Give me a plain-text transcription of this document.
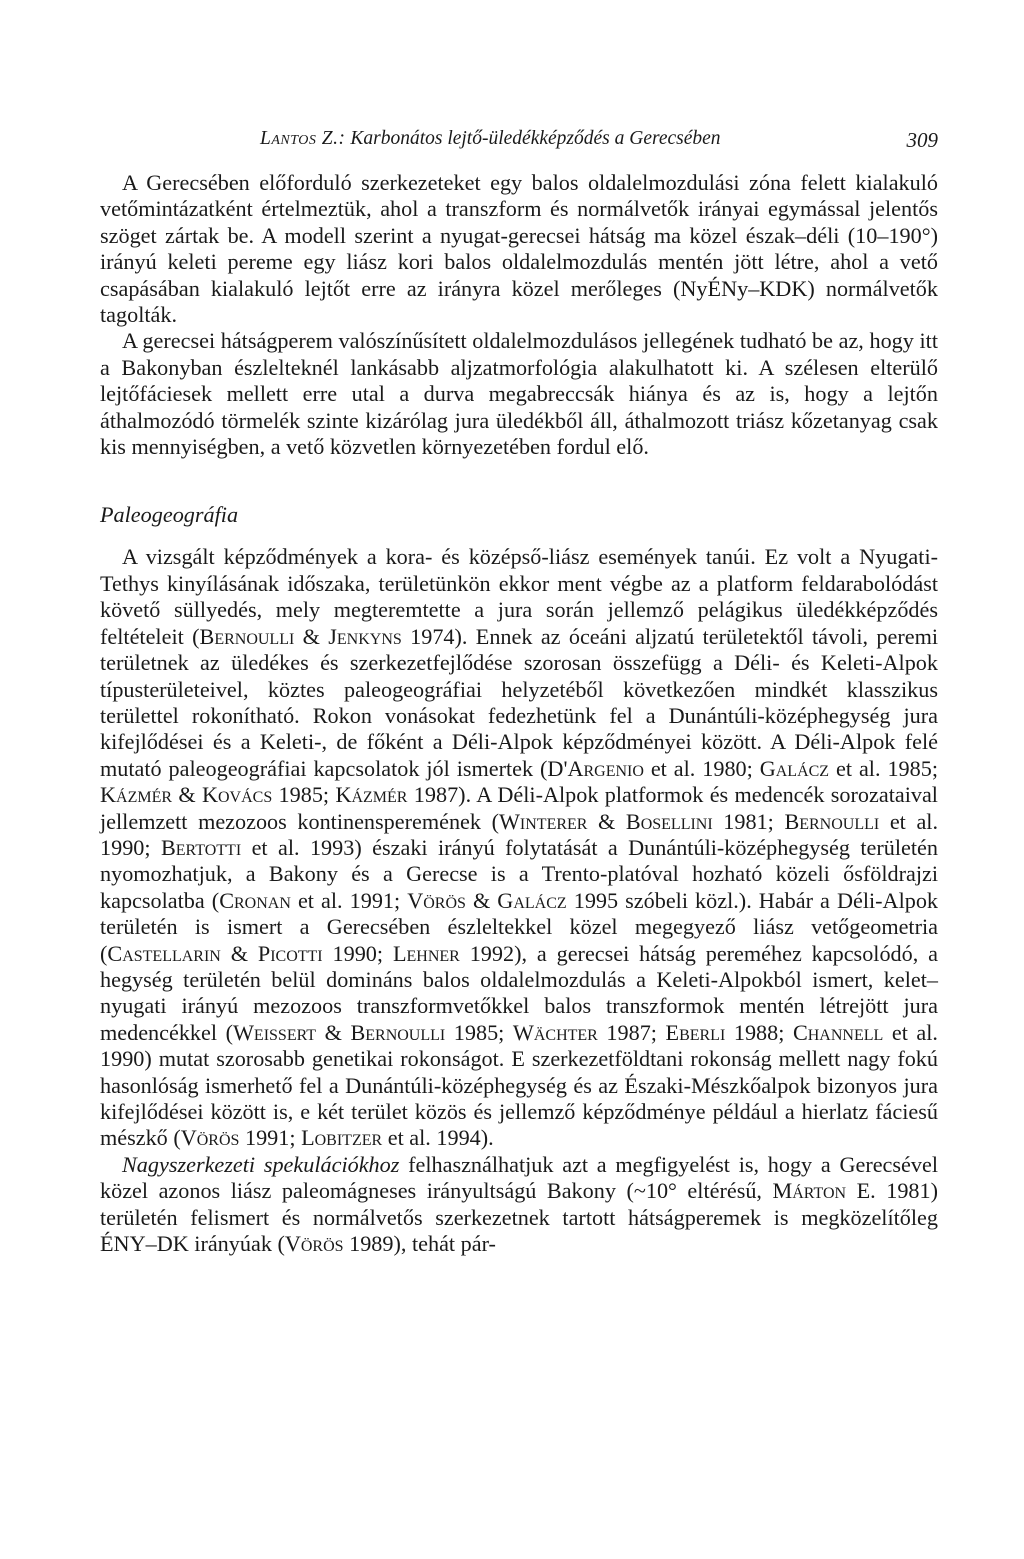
Lantos Z.: Karbonátos lejtő-üledékképződés a Gerecsében	309

A Gerecsében előforduló szerkezeteket egy balos oldalelmozdulási zóna felett kialakuló vetőmintázatként értelmeztük, ahol a transzform és normálvetők irányai egymással jelentős szöget zártak be. A modell szerint a nyugat-gerecsei hátság ma közel észak–déli (10–190°) irányú keleti pereme egy liász kori balos oldalelmozdulás mentén jött létre, ahol a vető csapásában kialakuló lejtőt erre az irányra közel merőleges (NyÉNy–KDK) normálvetők tagolták.

A gerecsei hátságperem valószínűsített oldalelmozdulásos jellegének tudható be az, hogy itt a Bakonyban észlelteknél lankásabb aljzatmorfológia alakulhatott ki. A szélesen elterülő lejtőfáciesek mellett erre utal a durva megabreccsák hiánya és az is, hogy a lejtőn áthalmozódó törmelék szinte kizárólag jura üledékből áll, áthalmozott triász kőzetanyag csak kis mennyiségben, a vető közvetlen környezetében fordul elő.

Paleogeográfia

A vizsgált képződmények a kora- és középső-liász események tanúi. Ez volt a Nyugati-Tethys kinyílásának időszaka, területünkön ekkor ment végbe az a platform feldarabolódást követő süllyedés, mely megteremtette a jura során jellemző pelágikus üledékképződés feltételeit (Bernoulli & Jenkyns 1974). Ennek az óceáni aljzatú területektől távoli, peremi területnek az üledékes és szerkezetfejlődése szorosan összefügg a Déli- és Keleti-Alpok típusterületeivel, köztes paleogeográfiai helyzetéből következően mindkét klasszikus területtel rokonítható. Rokon vonásokat fedezhetünk fel a Dunántúli-középhegység jura kifejlődései és a Keleti-, de főként a Déli-Alpok képződményei között. A Déli-Alpok felé mutató paleogeográfiai kapcsolatok jól ismertek (D'Argenio et al. 1980; Galácz et al. 1985; Kázmér & Kovács 1985; Kázmér 1987). A Déli-Alpok platformok és medencék sorozataival jellemzett mezozoos kontinensperemének (Winterer & Bosellini 1981; Bernoulli et al. 1990; Bertotti et al. 1993) északi irányú folytatását a Dunántúli-középhegység területén nyomozhatjuk, a Bakony és a Gerecse is a Trento-platóval hozható közeli ősföldrajzi kapcsolatba (Cronan et al. 1991; Vörös & Galácz 1995 szóbeli közl.). Habár a Déli-Alpok területén is ismert a Gerecsében észleltekkel közel megegyező liász vetőgeometria (Castellarin & Picotti 1990; Lehner 1992), a gerecsei hátság pereméhez kapcsolódó, a hegység területén belül domináns balos oldalelmozdulás a Keleti-Alpokból ismert, kelet–nyugati irányú mezozoos transzformvetőkkel balos transzformok mentén létrejött jura medencékkel (Weissert & Bernoulli 1985; Wächter 1987; Eberli 1988; Channell et al. 1990) mutat szorosabb genetikai rokonságot. E szerkezetföldtani rokonság mellett nagy fokú hasonlóság ismerhető fel a Dunántúli-középhegység és az Északi-Mészkőalpok bizonyos jura kifejlődései között is, e két terület közös és jellemző képződménye például a hierlatz fáciesű mészkő (Vörös 1991; Lobitzer et al. 1994).

Nagyszerkezeti spekulációkhoz felhasználhatjuk azt a megfigyelést is, hogy a Gerecsével közel azonos liász paleomágneses irányultságú Bakony (~10° eltérésű, Márton E. 1981) területén felismert és normálvetős szerkezetnek tartott hátságperemek is megközelítőleg ÉNY–DK irányúak (Vörös 1989), tehát pár-
